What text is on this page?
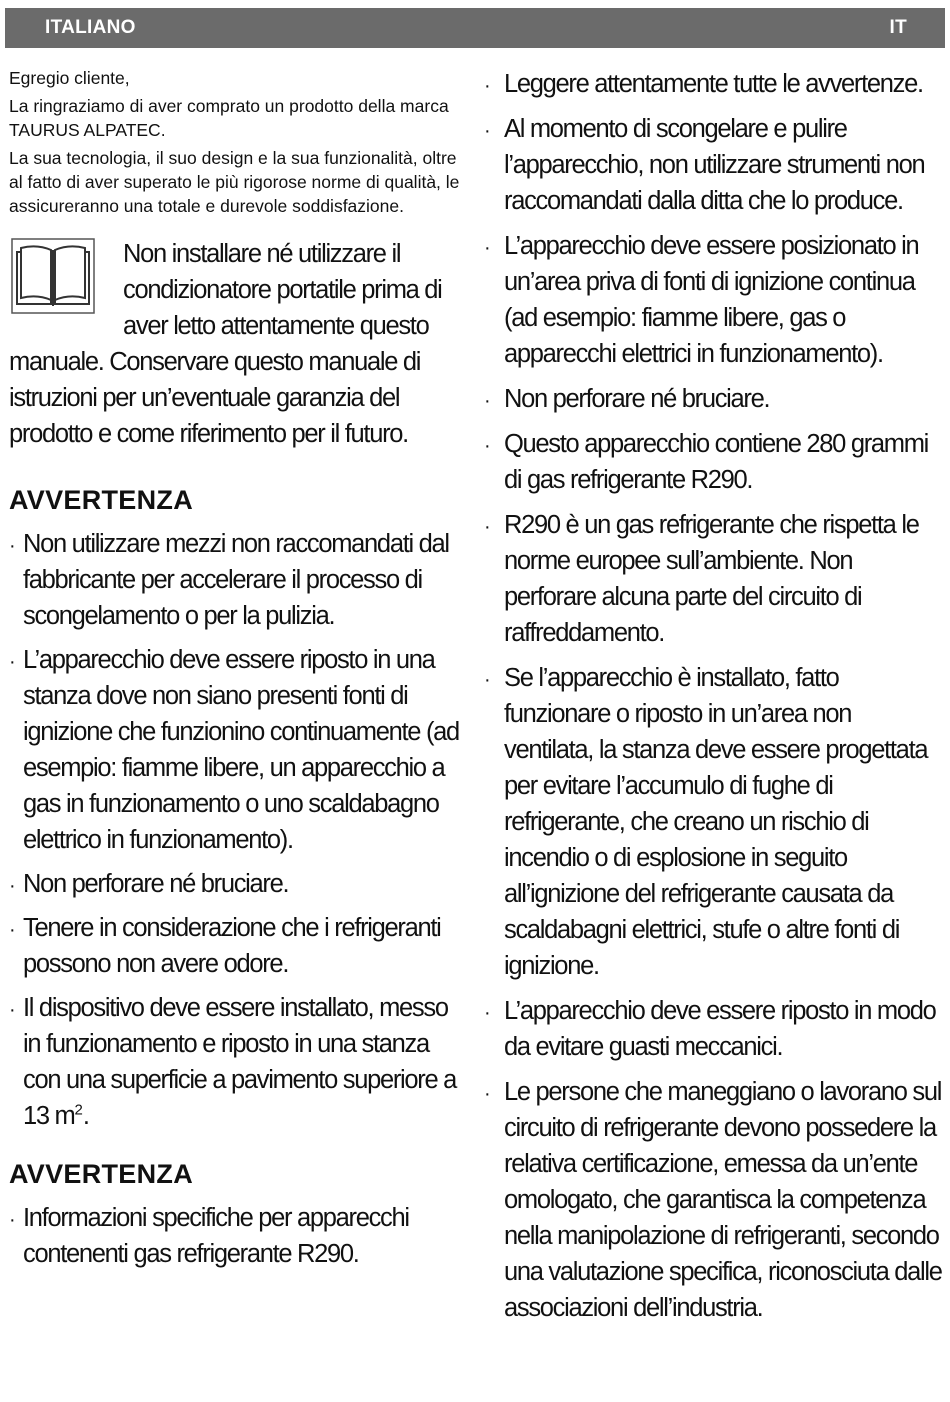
ITALIANO	IT

Egregio cliente,

La ringraziamo di aver comprato un prodotto della marca TAURUS ALPATEC.

La sua tecnologia, il suo design e la sua funzionalità, oltre al fatto di aver superato le più rigorose norme di qualità, le assicureranno una totale e durevole soddisfazione.

Non installare né utilizzare il condizionatore portatile prima di aver letto attentamente questo manuale. Conservare questo manuale di istruzioni per un’eventuale garanzia del prodotto e come riferimento per il futuro.

AVVERTENZA

· Non utilizzare mezzi non raccomandati dal fabbricante per accelerare il processo di scongelamento o per la pulizia.
· L’apparecchio deve essere riposto in una stanza dove non siano presenti fonti di ignizione che funzionino continuamente (ad esempio: fiamme libere, un apparecchio a gas in funzionamento o uno scaldabagno elettrico in funzionamento).
· Non perforare né bruciare.
· Tenere in considerazione che i refrigeranti possono non avere odore.
· Il dispositivo deve essere installato, messo in funzionamento e riposto in una stanza con una superficie a pavimento superiore a 13 $m^2$.

AVVERTENZA

· Informazioni specifiche per apparecchi contenenti gas refrigerante R290.
· Leggere attentamente tutte le avvertenze.
· Al momento di scongelare e pulire l’apparecchio, non utilizzare strumenti non raccomandati dalla ditta che lo produce.
· L’apparecchio deve essere posizionato in un’area priva di fonti di ignizione continua (ad esempio: fiamme libere, gas o apparecchi elettrici in funzionamento).
· Non perforare né bruciare.
· Questo apparecchio contiene 280 grammi di gas refrigerante R290.
· R290 è un gas refrigerante che rispetta le norme europee sull’ambiente. Non perforare alcuna parte del circuito di raffreddamento.
· Se l’apparecchio è installato, fatto funzionare o riposto in un’area non ventilata, la stanza deve essere progettata per evitare l’accumulo di fughe di refrigerante, che creano un rischio di incendio o di esplosione in seguito all’ignizione del refrigerante causata da scaldabagni elettrici, stufe o altre fonti di ignizione.
· L’apparecchio deve essere riposto in modo da evitare guasti meccanici.
· Le persone che maneggiano o lavorano sul circuito di refrigerante devono possedere la relativa certificazione, emessa da un’ente omologato, che garantisca la competenza nella manipolazione di refrigeranti, secondo una valutazione specifica, riconosciuta dalle associazioni dell’industria.
